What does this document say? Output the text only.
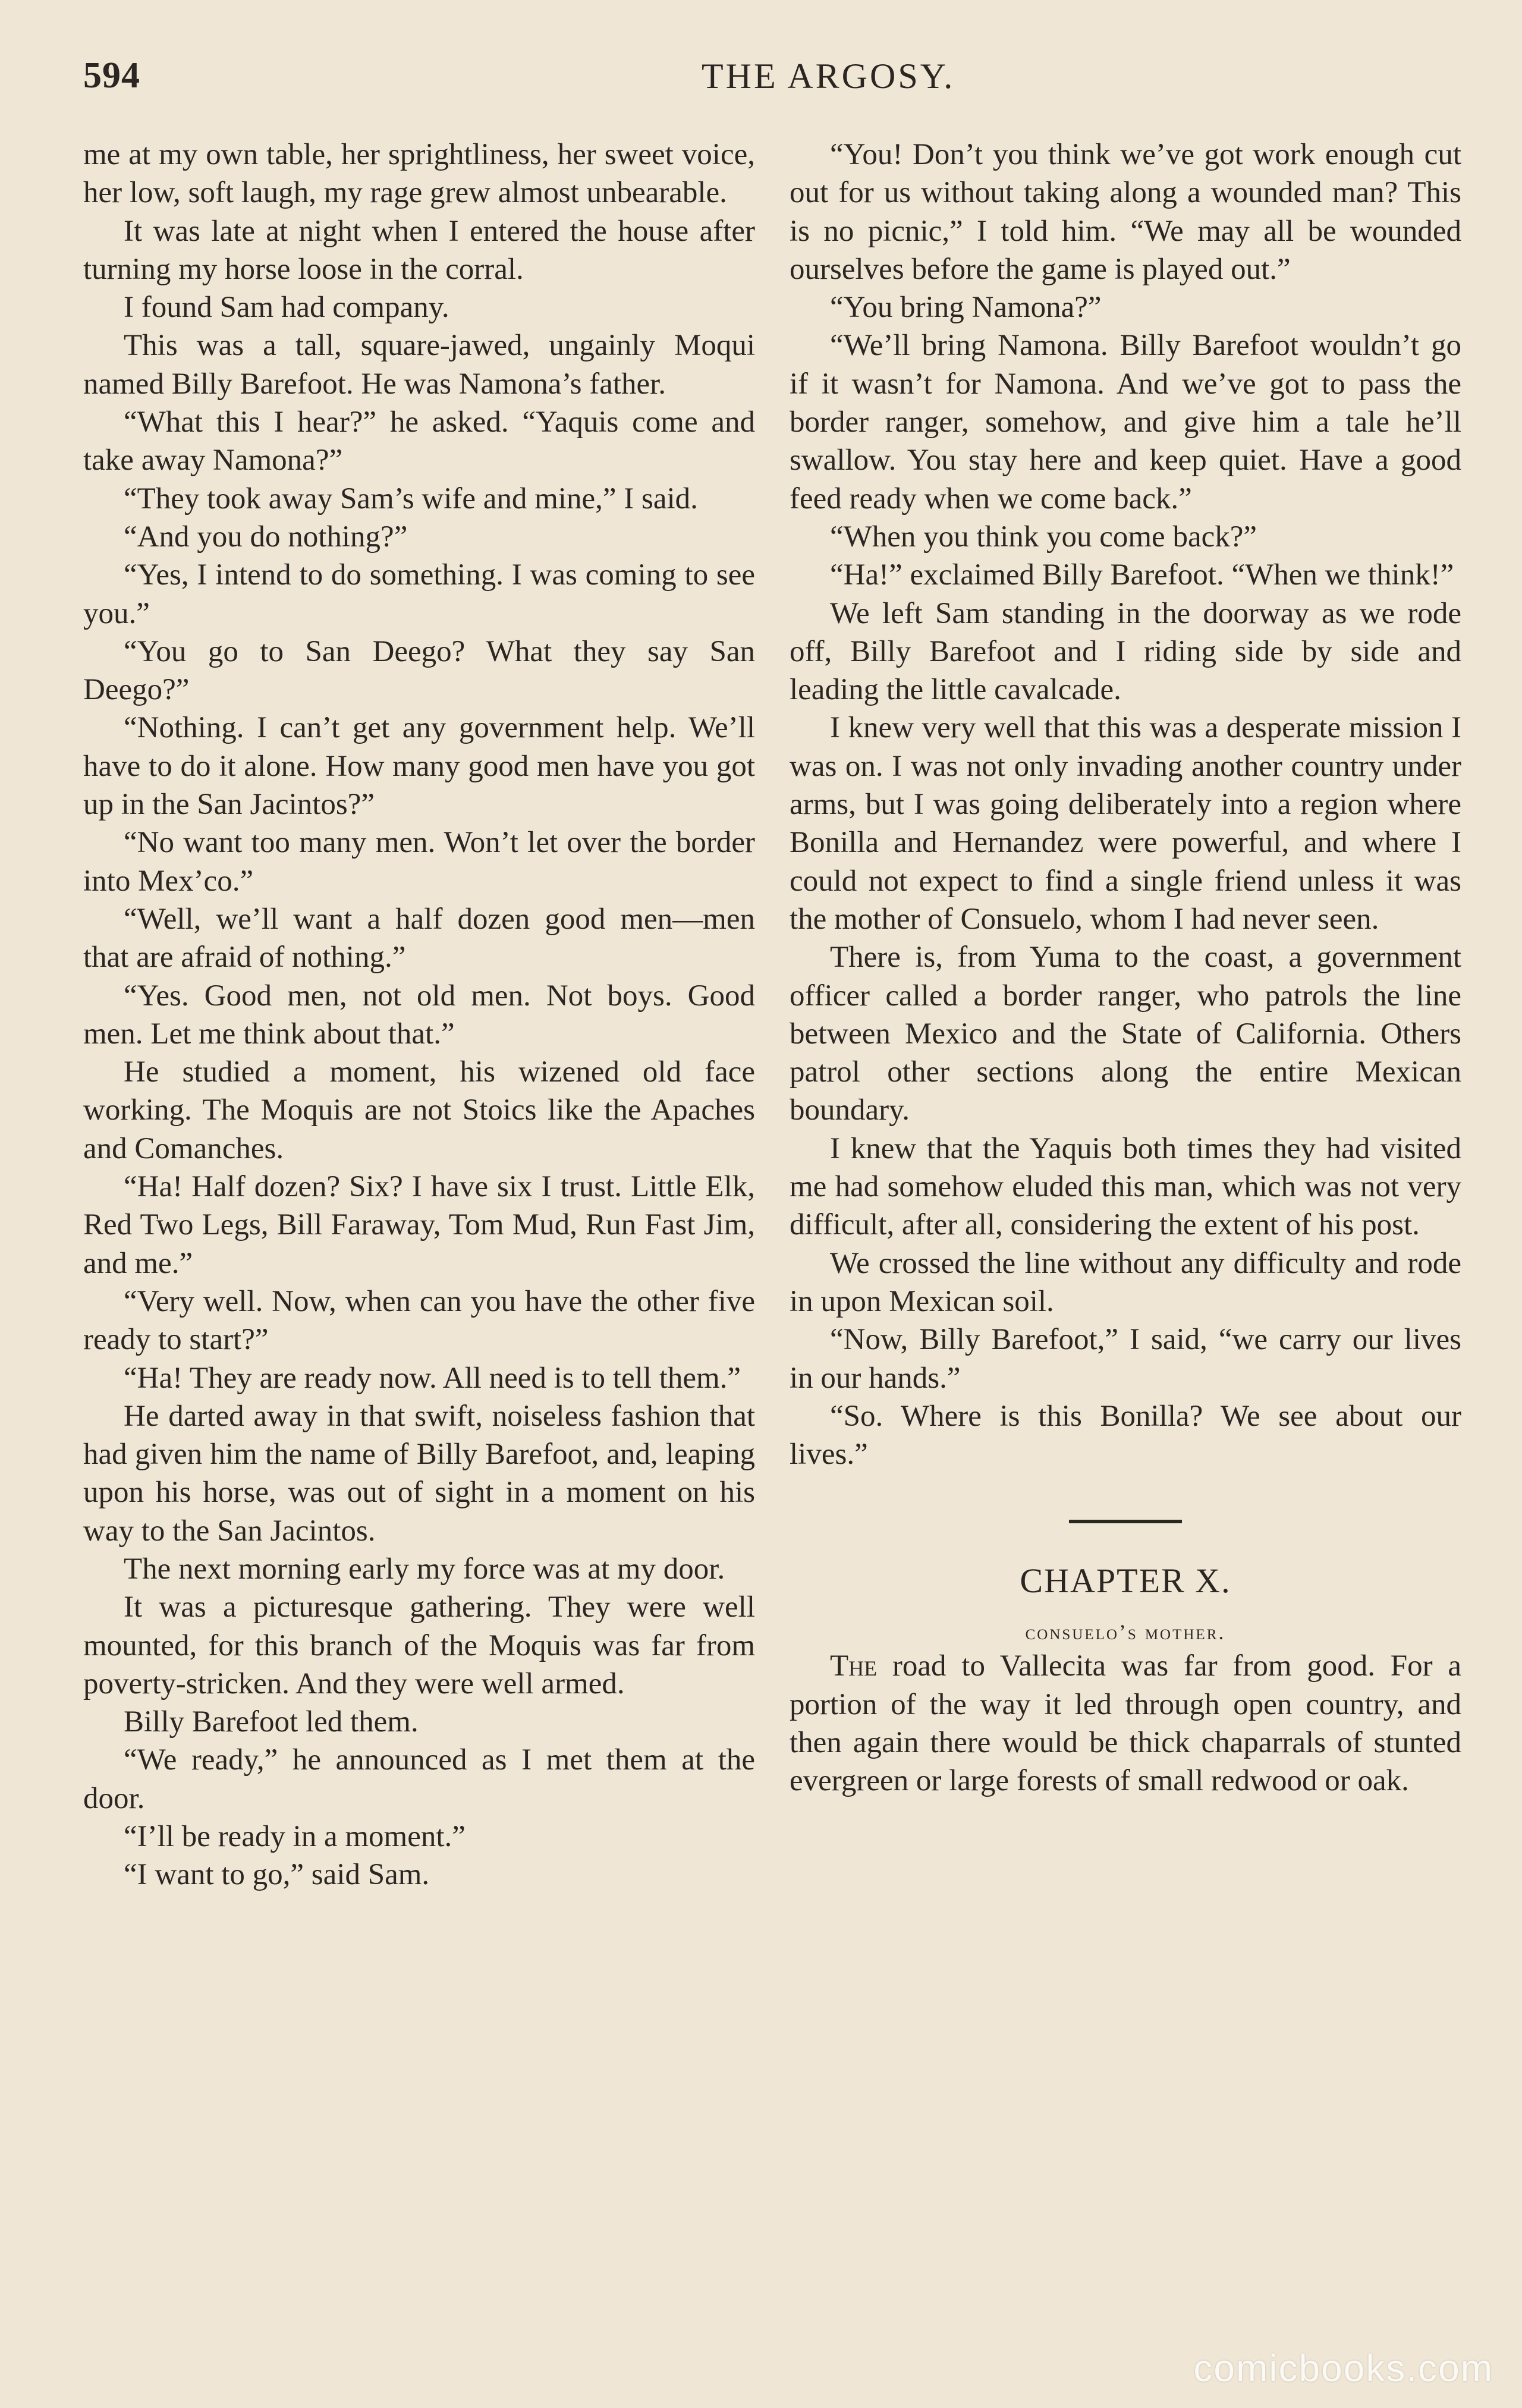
594	THE ARGOSY.

me at my own table, her sprightliness, her sweet voice, her low, soft laugh, my rage grew almost unbearable.

It was late at night when I entered the house after turning my horse loose in the corral.

I found Sam had company.

This was a tall, square-jawed, ungainly Moqui named Billy Barefoot. He was Namona’s father.

“What this I hear?” he asked. “Yaquis come and take away Namona?”

“They took away Sam’s wife and mine,” I said.

“And you do nothing?”

“Yes, I intend to do something. I was coming to see you.”

“You go to San Deego? What they say San Deego?”

“Nothing. I can’t get any government help. We’ll have to do it alone. How many good men have you got up in the San Jacintos?”

“No want too many men. Won’t let over the border into Mex’co.”

“Well, we’ll want a half dozen good men—men that are afraid of nothing.”

“Yes. Good men, not old men. Not boys. Good men. Let me think about that.”

He studied a moment, his wizened old face working. The Moquis are not Stoics like the Apaches and Comanches.

“Ha! Half dozen? Six? I have six I trust. Little Elk, Red Two Legs, Bill Faraway, Tom Mud, Run Fast Jim, and me.”

“Very well. Now, when can you have the other five ready to start?”

“Ha! They are ready now. All need is to tell them.”

He darted away in that swift, noiseless fashion that had given him the name of Billy Barefoot, and, leaping upon his horse, was out of sight in a moment on his way to the San Jacintos.

The next morning early my force was at my door.

It was a picturesque gathering. They were well mounted, for this branch of the Moquis was far from poverty-stricken. And they were well armed.

Billy Barefoot led them.

“We ready,” he announced as I met them at the door.

“I’ll be ready in a moment.”

“I want to go,” said Sam.

“You! Don’t you think we’ve got work enough cut out for us without taking along a wounded man? This is no picnic,” I told him. “We may all be wounded ourselves before the game is played out.”

“You bring Namona?”

“We’ll bring Namona. Billy Barefoot wouldn’t go if it wasn’t for Namona. And we’ve got to pass the border ranger, somehow, and give him a tale he’ll swallow. You stay here and keep quiet. Have a good feed ready when we come back.”

“When you think you come back?”

“Ha!” exclaimed Billy Barefoot. “When we think!”

We left Sam standing in the doorway as we rode off, Billy Barefoot and I riding side by side and leading the little cavalcade.

I knew very well that this was a desperate mission I was on. I was not only invading another country under arms, but I was going deliberately into a region where Bonilla and Hernandez were powerful, and where I could not expect to find a single friend unless it was the mother of Consuelo, whom I had never seen.

There is, from Yuma to the coast, a government officer called a border ranger, who patrols the line between Mexico and the State of California. Others patrol other sections along the entire Mexican boundary.

I knew that the Yaquis both times they had visited me had somehow eluded this man, which was not very difficult, after all, considering the extent of his post.

We crossed the line without any difficulty and rode in upon Mexican soil.

“Now, Billy Barefoot,” I said, “we carry our lives in our hands.”

“So. Where is this Bonilla? We see about our lives.”

CHAPTER X.
consuelo’s mother.

The road to Vallecita was far from good. For a portion of the way it led through open country, and then again there would be thick chaparrals of stunted evergreen or large forests of small redwood or oak.

comicbooks.com
